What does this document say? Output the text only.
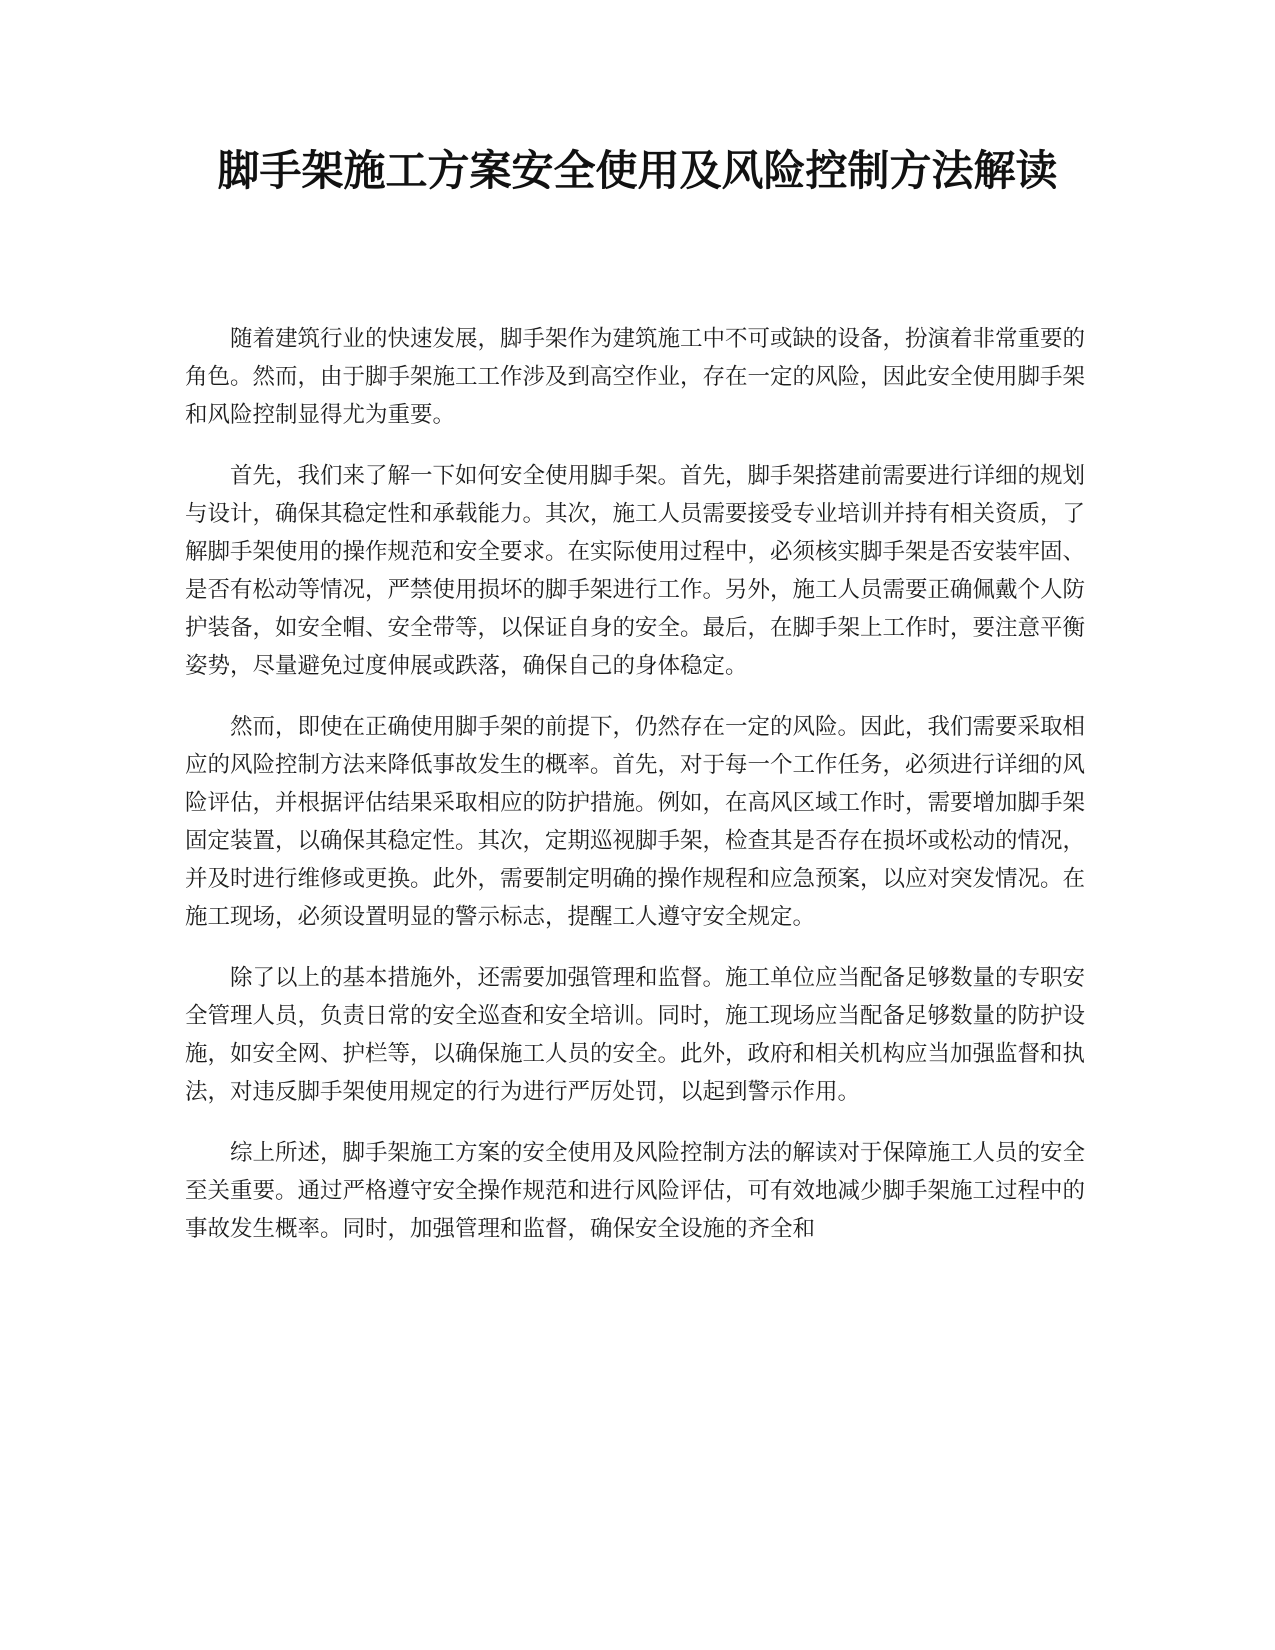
脚手架施工方案安全使用及风险控制方法解读

随着建筑行业的快速发展，脚手架作为建筑施工中不可或缺的设备，扮演着非常重要的角色。然而，由于脚手架施工工作涉及到高空作业，存在一定的风险，因此安全使用脚手架和风险控制显得尤为重要。

首先，我们来了解一下如何安全使用脚手架。首先，脚手架搭建前需要进行详细的规划与设计，确保其稳定性和承载能力。其次，施工人员需要接受专业培训并持有相关资质，了解脚手架使用的操作规范和安全要求。在实际使用过程中，必须核实脚手架是否安装牢固、是否有松动等情况，严禁使用损坏的脚手架进行工作。另外，施工人员需要正确佩戴个人防护装备，如安全帽、安全带等，以保证自身的安全。最后，在脚手架上工作时，要注意平衡姿势，尽量避免过度伸展或跌落，确保自己的身体稳定。

然而，即使在正确使用脚手架的前提下，仍然存在一定的风险。因此，我们需要采取相应的风险控制方法来降低事故发生的概率。首先，对于每一个工作任务，必须进行详细的风险评估，并根据评估结果采取相应的防护措施。例如，在高风区域工作时，需要增加脚手架固定装置，以确保其稳定性。其次，定期巡视脚手架，检查其是否存在损坏或松动的情况，并及时进行维修或更换。此外，需要制定明确的操作规程和应急预案，以应对突发情况。在施工现场，必须设置明显的警示标志，提醒工人遵守安全规定。

除了以上的基本措施外，还需要加强管理和监督。施工单位应当配备足够数量的专职安全管理人员，负责日常的安全巡查和安全培训。同时，施工现场应当配备足够数量的防护设施，如安全网、护栏等，以确保施工人员的安全。此外，政府和相关机构应当加强监督和执法，对违反脚手架使用规定的行为进行严厉处罚，以起到警示作用。

综上所述，脚手架施工方案的安全使用及风险控制方法的解读对于保障施工人员的安全至关重要。通过严格遵守安全操作规范和进行风险评估，可有效地减少脚手架施工过程中的事故发生概率。同时，加强管理和监督，确保安全设施的齐全和
